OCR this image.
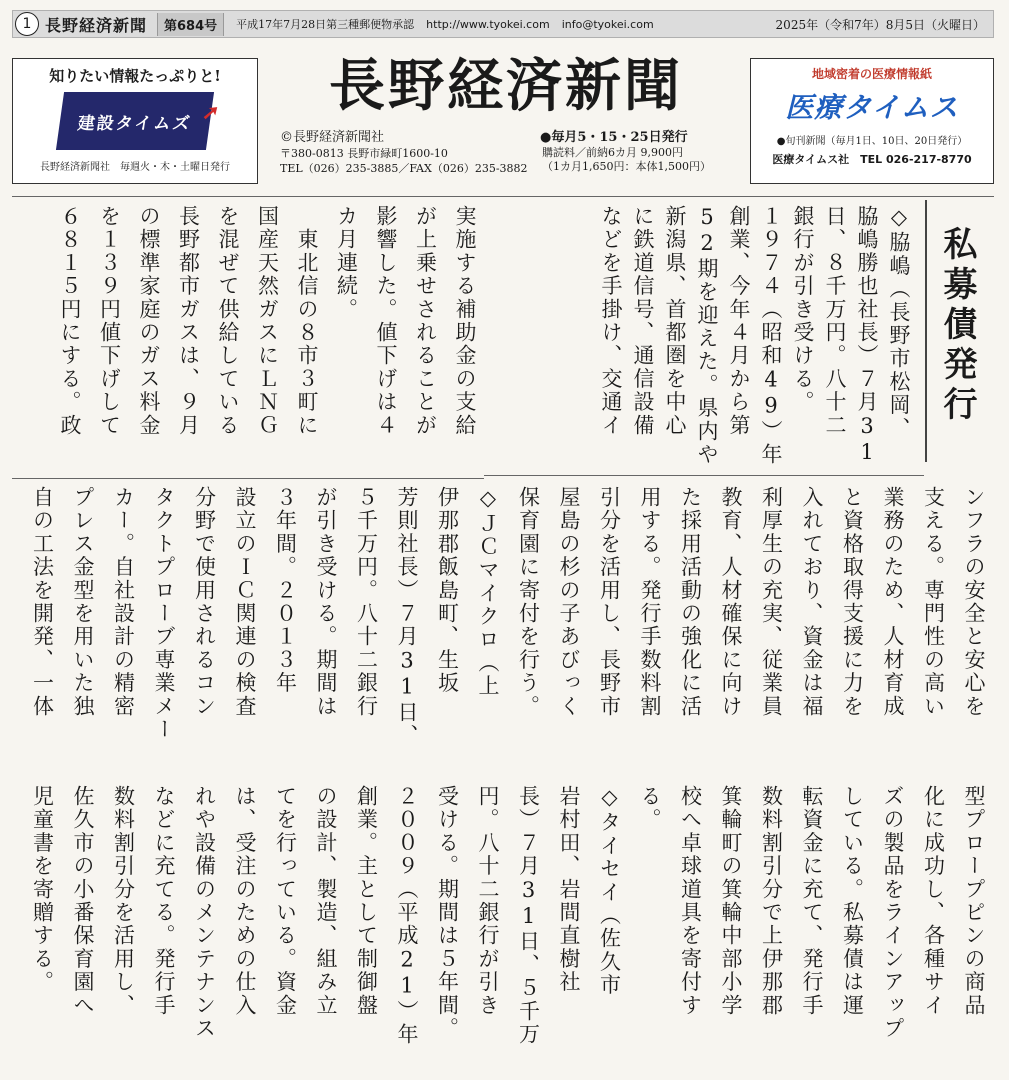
1 長野経済新聞	第684号	平成17年7月28日第三種郵便物承認 http://www.tyokei.com info@tyokei.com	2025年（令和7年）8月5日（火曜日）
知りたい情報たっぷりと!
建設タイムズ ➚
長野経済新聞社　毎週火・木・土曜日発行
長野経済新聞
©長野経済新聞社	●毎月5・15・25日発行
〒380-0813 長野市緑町1600-10
TEL（026）235-3885／FAX（026）235-3882
購読料／前納6カ月 9,900円
（1カ月1,650円：本体1,500円）
地域密着の医療情報紙
医療タイムス
●旬刊新聞（毎月1日、10日、20日発行）
医療タイムス社　TEL 026-217-8770
私募債発行
◇脇嶋（長野市松岡、
脇嶋勝也社長）７月31
日、８千万円。八十二
銀行が引き受ける。
１９７４（昭和49）年
創業、今年４月から第
52期を迎えた。県内や
新潟県、首都圏を中心
に鉄道信号、通信設備
などを手掛け、交通イ
実施する補助金の支給
が上乗せされることが
影響した。値下げは４
カ月連続。
　東北信の８市３町に
国産天然ガスにＬＮＧ
を混ぜて供給している
長野都市ガスは、９月
の標準家庭のガス料金
を１３９円値下げして
６８１５円にする。政
ンフラの安全と安心を
支える。専門性の高い
業務のため、人材育成
と資格取得支援に力を
入れており、資金は福
利厚生の充実、従業員
教育、人材確保に向け
た採用活動の強化に活
用する。発行手数料割
引分を活用し、長野市
屋島の杉の子あびっく
保育園に寄付を行う。
◇ＪＣマイクロ（上
伊那郡飯島町、生坂
芳則社長）７月31日、
５千万円。八十二銀行
が引き受ける。期間は
３年間。２０１３年
設立のＩＣ関連の検査
分野で使用されるコン
タクトプローブ専業メー
カー。自社設計の精密
プレス金型を用いた独
自の工法を開発、一体
型プロープピンの商品
化に成功し、各種サイ
ズの製品をラインアップ
している。私募債は運
転資金に充て、発行手
数料割引分で上伊那郡
箕輪町の箕輪中部小学
校へ卓球道具を寄付す
る。
◇タイセイ（佐久市
岩村田、岩間直樹社
長）７月31日、５千万
円。八十二銀行が引き
受ける。期間は５年間。
２００９（平成21）年
創業。主として制御盤
の設計、製造、組み立
てを行っている。資金
は、受注のための仕入
れや設備のメンテナンス
などに充てる。発行手
数料割引分を活用し、
佐久市の小番保育園へ
児童書を寄贈する。
